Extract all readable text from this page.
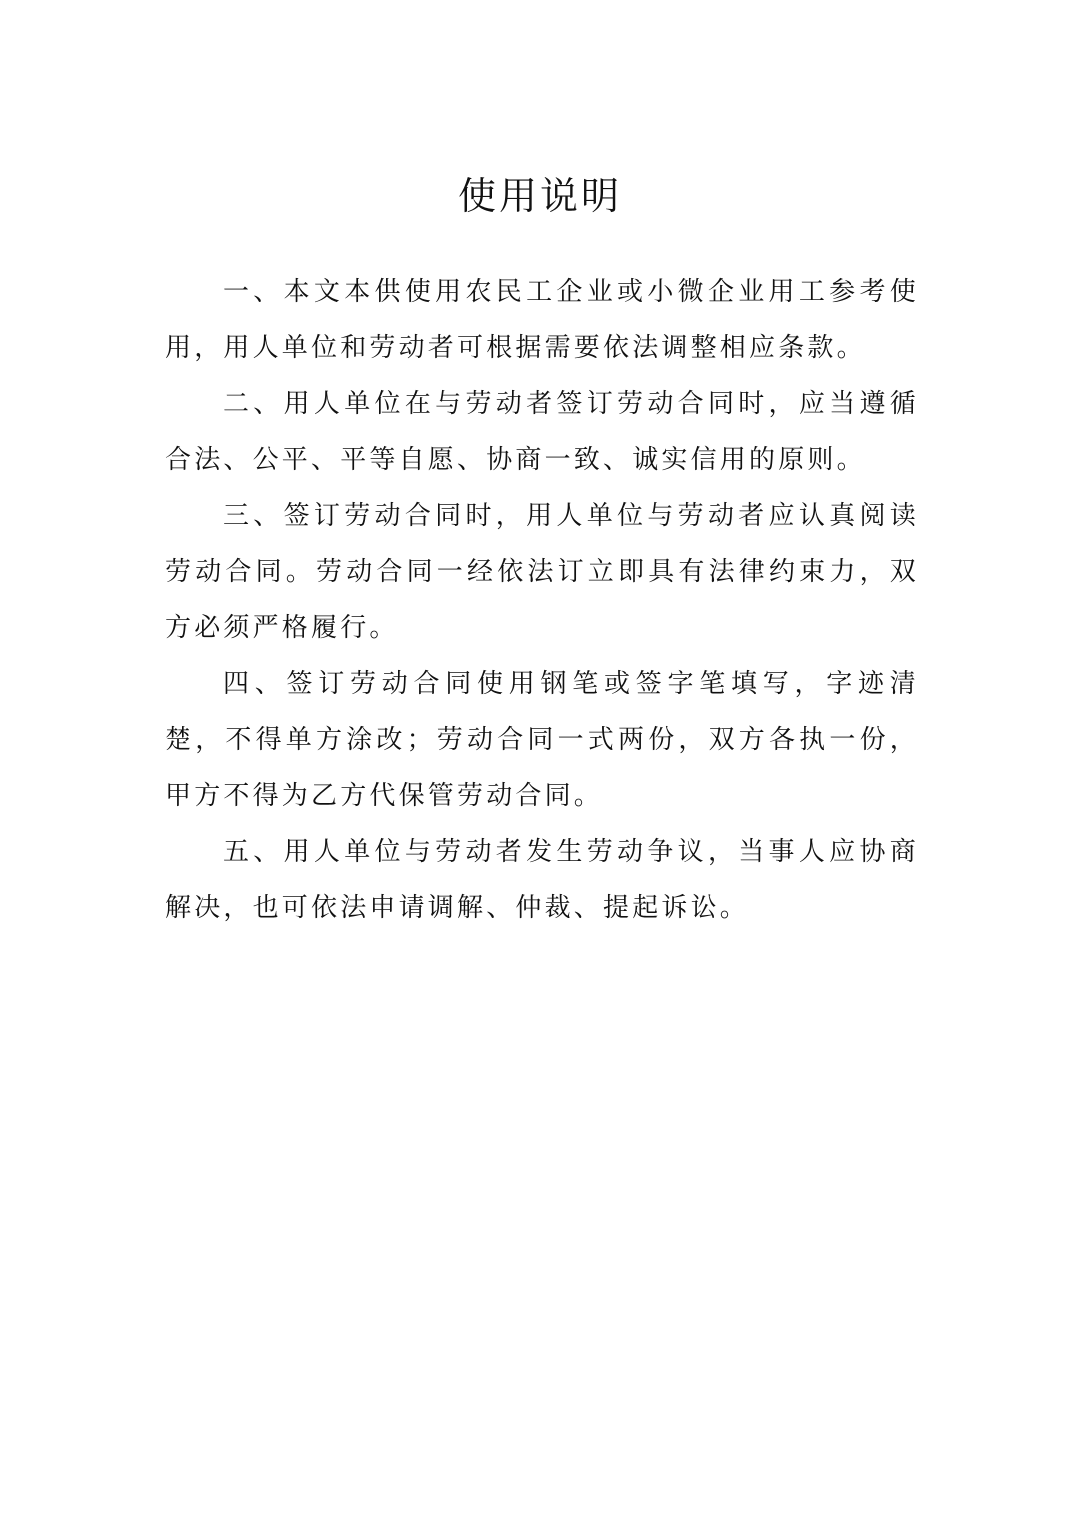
使用说明

一、本文本供使用农民工企业或小微企业用工参考使用，用人单位和劳动者可根据需要依法调整相应条款。

二、用人单位在与劳动者签订劳动合同时，应当遵循合法、公平、平等自愿、协商一致、诚实信用的原则。

三、签订劳动合同时，用人单位与劳动者应认真阅读劳动合同。劳动合同一经依法订立即具有法律约束力，双方必须严格履行。

四、签订劳动合同使用钢笔或签字笔填写，字迹清楚，不得单方涂改；劳动合同一式两份，双方各执一份，甲方不得为乙方代保管劳动合同。

五、用人单位与劳动者发生劳动争议，当事人应协商解决，也可依法申请调解、仲裁、提起诉讼。
